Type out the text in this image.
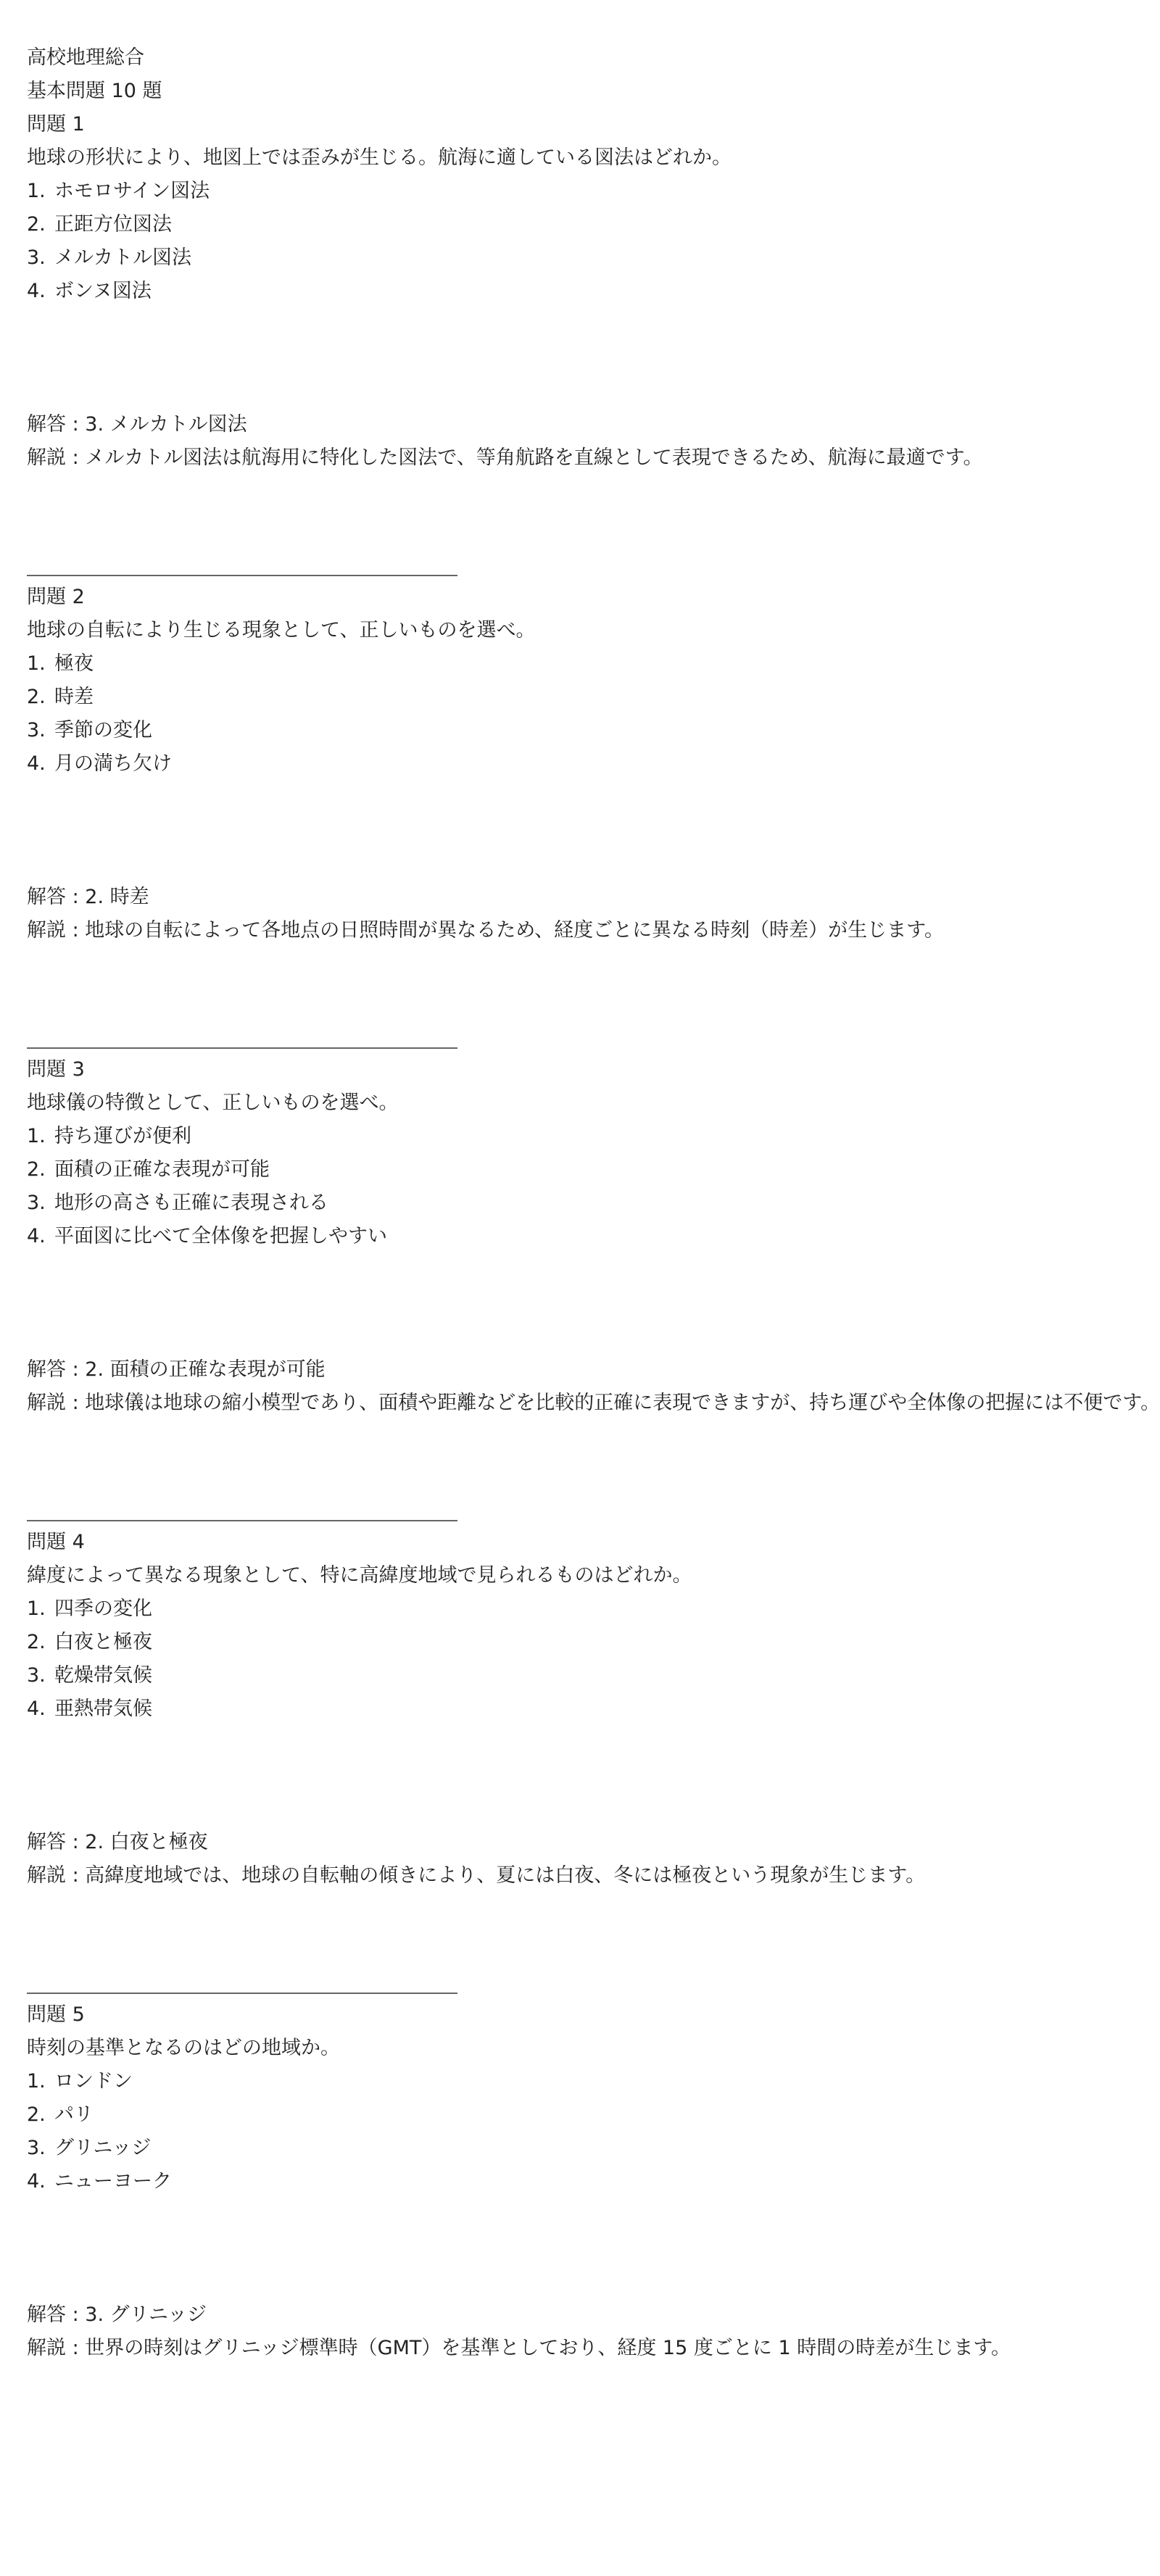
高校地理総合
基本問題 10 題
問題 1
地球の形状により、地図上では歪みが生じる。航海に適している図法はどれか。
1. ホモロサイン図法
2. 正距方位図法
3. メルカトル図法
4. ボンヌ図法
解答 : 3. メルカトル図法
解説 : メルカトル図法は航海用に特化した図法で、等角航路を直線として表現できるため、航海に最適です。
問題 2
地球の自転により生じる現象として、正しいものを選べ。
1. 極夜
2. 時差
3. 季節の変化
4. 月の満ち欠け
解答 : 2. 時差
解説 : 地球の自転によって各地点の日照時間が異なるため、経度ごとに異なる時刻（時差）が生じます。
問題 3
地球儀の特徴として、正しいものを選べ。
1. 持ち運びが便利
2. 面積の正確な表現が可能
3. 地形の高さも正確に表現される
4. 平面図に比べて全体像を把握しやすい
解答 : 2. 面積の正確な表現が可能
解説 : 地球儀は地球の縮小模型であり、面積や距離などを比較的正確に表現できますが、持ち運びや全体像の把握には不便です。
問題 4
緯度によって異なる現象として、特に高緯度地域で見られるものはどれか。
1. 四季の変化
2. 白夜と極夜
3. 乾燥帯気候
4. 亜熱帯気候
解答 : 2. 白夜と極夜
解説 : 高緯度地域では、地球の自転軸の傾きにより、夏には白夜、冬には極夜という現象が生じます。
問題 5
時刻の基準となるのはどの地域か。
1. ロンドン
2. パリ
3. グリニッジ
4. ニューヨーク
解答 : 3. グリニッジ
解説 : 世界の時刻はグリニッジ標準時（GMT）を基準としており、経度 15 度ごとに 1 時間の時差が生じます。
